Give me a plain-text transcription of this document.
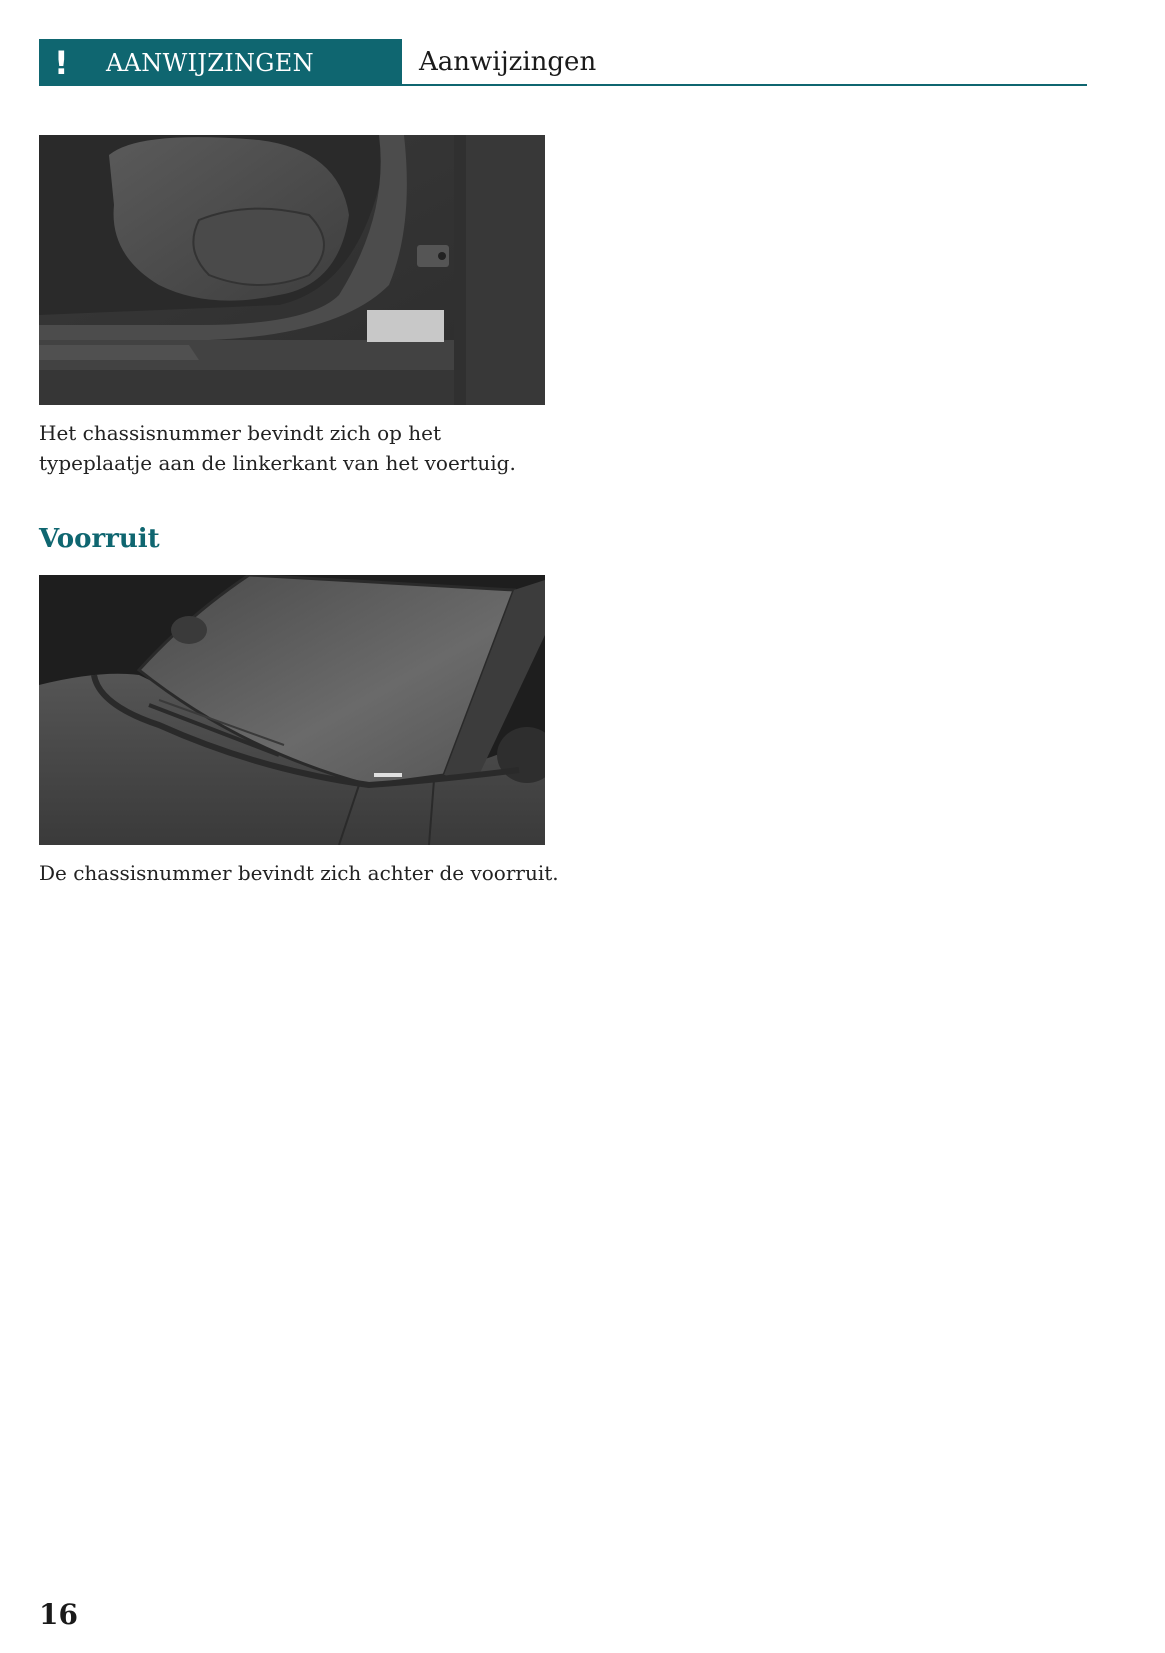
!	AANWIJZINGEN	Aanwijzingen
Het chassisnummer bevindt zich op het typeplaatje aan de linkerkant van het voertuig.
Voorruit
De chassisnummer bevindt zich achter de voorruit.
16
